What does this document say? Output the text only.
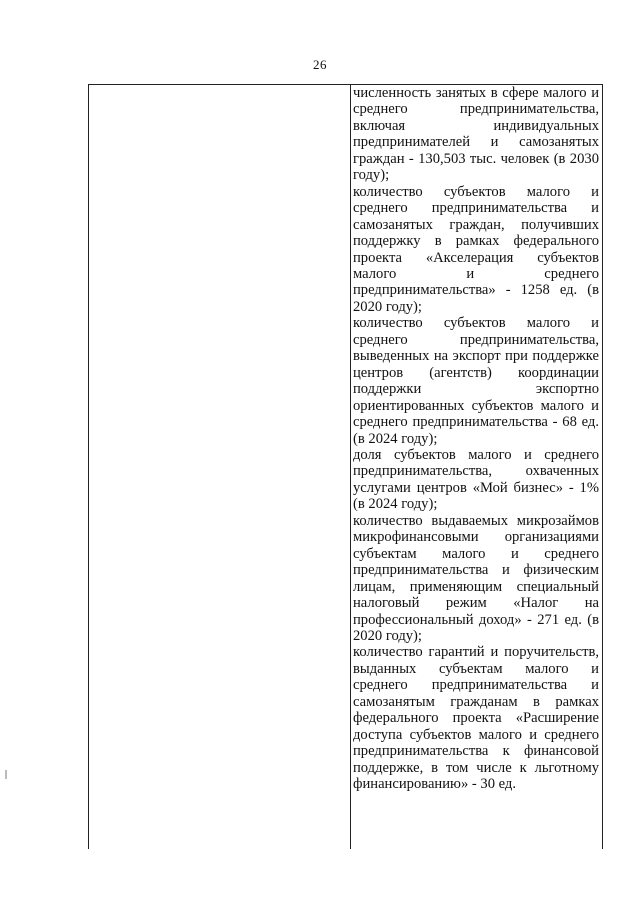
26
численность занятых в сфере малого и среднего предпринимательства, включая индивидуальных предпринимателей и самозанятых граждан - 130,503 тыс. человек (в 2030 году);
количество субъектов малого и среднего предпринимательства и самозанятых граждан, получивших поддержку в рамках федерального проекта «Акселерация субъектов малого и среднего предпринимательства» - 1258 ед. (в 2020 году);
количество субъектов малого и среднего предпринимательства, выведенных на экспорт при поддержке центров (агентств) координации поддержки экспортно ориентированных субъектов малого и среднего предпринимательства - 68 ед. (в 2024 году);
доля субъектов малого и среднего предпринимательства, охваченных услугами центров «Мой бизнес» - 1% (в 2024 году);
количество выдаваемых микрозаймов микрофинансовыми организациями субъектам малого и среднего предпринимательства и физическим лицам, применяющим специальный налоговый режим «Налог на профессиональный доход» - 271 ед. (в 2020 году);
количество гарантий и поручительств, выданных субъектам малого и среднего предпринимательства и самозанятым гражданам в рамках федерального проекта «Расширение доступа субъектов малого и среднего предпринимательства к финансовой поддержке, в том числе к льготному финансированию» - 30 ед.
